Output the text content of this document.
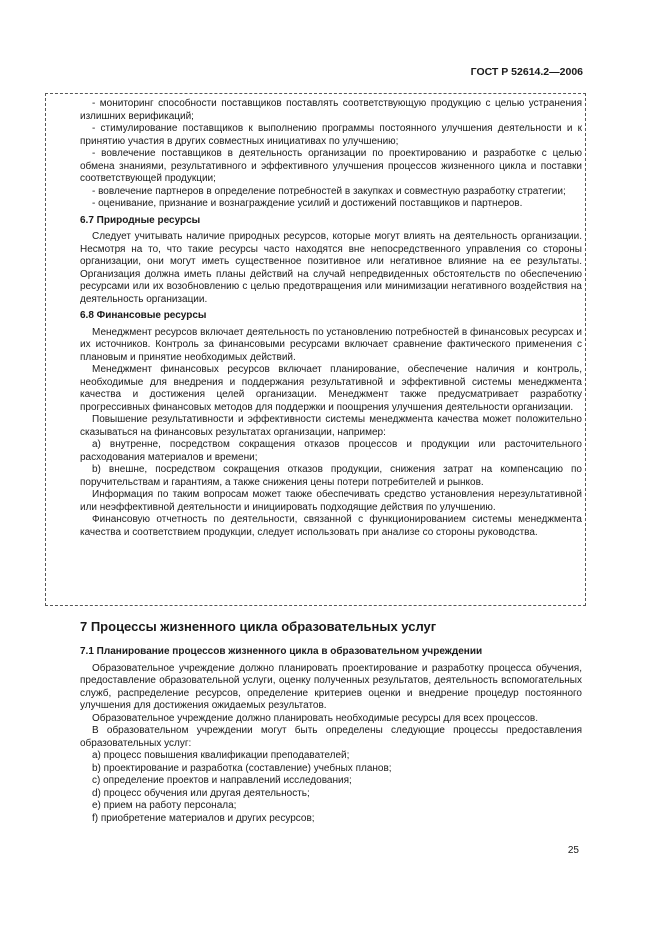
ГОСТ Р 52614.2—2006

- мониторинг способности поставщиков поставлять соответствующую продукцию с целью устранения излишних верификаций;

- стимулирование поставщиков к выполнению программы постоянного улучшения деятельности и к принятию участия в других совместных инициативах по улучшению;

- вовлечение поставщиков в деятельность организации по проектированию и разработке с целью обмена знаниями, результативного и эффективного улучшения процессов жизненного цикла и поставки соответствующей продукции;

- вовлечение партнеров в определение потребностей в закупках и совместную разработку стратегии;

- оценивание, признание и вознаграждение усилий и достижений поставщиков и партнеров.

6.7 Природные ресурсы

Следует учитывать наличие природных ресурсов, которые могут влиять на деятельность организации. Несмотря на то, что такие ресурсы часто находятся вне непосредственного управления со стороны организации, они могут иметь существенное позитивное или негативное влияние на ее результаты. Организация должна иметь планы действий на случай непредвиденных обстоятельств по обеспечению ресурсами или их возобновлению с целью предотвращения или минимизации негативного воздействия на деятельность организации.

6.8 Финансовые ресурсы

Менеджмент ресурсов включает деятельность по установлению потребностей в финансовых ресурсах и их источников. Контроль за финансовыми ресурсами включает сравнение фактического применения с плановым и принятие необходимых действий.

Менеджмент финансовых ресурсов включает планирование, обеспечение наличия и контроль, необходимые для внедрения и поддержания результативной и эффективной системы менеджмента качества и достижения целей организации. Менеджмент также предусматривает разработку прогрессивных финансовых методов для поддержки и поощрения улучшения деятельности организации.

Повышение результативности и эффективности системы менеджмента качества может положительно сказываться на финансовых результатах организации, например:

a) внутренне, посредством сокращения отказов процессов и продукции или расточительного расходования материалов и времени;

b) внешне, посредством сокращения отказов продукции, снижения затрат на компенсацию по поручительствам и гарантиям, а также снижения цены потери потребителей и рынков.

Информация по таким вопросам может также обеспечивать средство установления нерезультативной или неэффективной деятельности и инициировать подходящие действия по улучшению.

Финансовую отчетность по деятельности, связанной с функционированием системы менеджмента качества и соответствием продукции, следует использовать при анализе со стороны руководства.

7 Процессы жизненного цикла образовательных услуг
7.1 Планирование процессов жизненного цикла в образовательном учреждении

Образовательное учреждение должно планировать проектирование и разработку процесса обучения, предоставление образовательной услуги, оценку полученных результатов, деятельность вспомогательных служб, распределение ресурсов, определение критериев оценки и внедрение процедур постоянного улучшения для достижения ожидаемых результатов.

Образовательное учреждение должно планировать необходимые ресурсы для всех процессов.

В образовательном учреждении могут быть определены следующие процессы предоставления образовательных услуг:

а) процесс повышения квалификации преподавателей;
b) проектирование и разработка (составление) учебных планов;
c) определение проектов и направлений исследования;
d) процесс обучения или другая деятельность;
e) прием на работу персонала;
f) приобретение материалов и других ресурсов;
25
